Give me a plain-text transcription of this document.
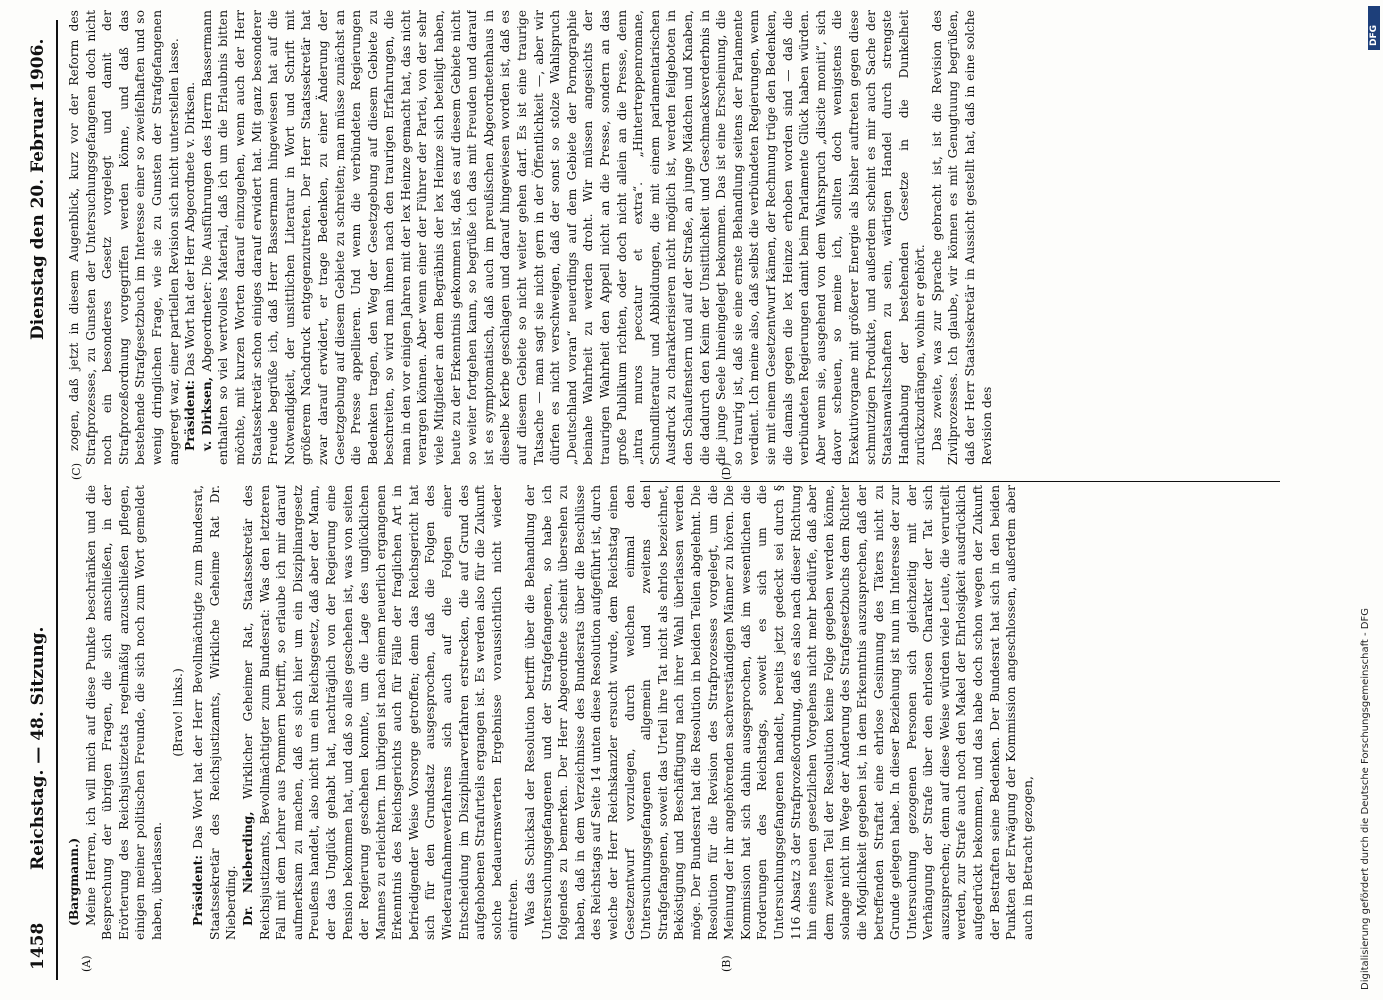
1458
Reichstag. — 48. Sitzung.
Dienstag den 20. Februar 1906.
(A)	(B)
(C)	(D)

(Bargmann.) Meine Herren, ich will mich auf diese Punkte beschränken und die Besprechung der übrigen Fragen, die sich anschließen, in der Erörterung des Reichsjustizetats regelmäßig anzuschließen pflegen, einigen meiner politischen Freunde, die sich noch zum Wort gemeldet haben, überlassen.

(Bravo! links.)

Präsident: Das Wort hat der Herr Bevollmächtigte zum Bundesrat, Staatssekretär des Reichsjustizamts, Wirkliche Geheime Rat Dr. Nieberding. Dr. Nieberding, Wirklicher Geheimer Rat, Staatssekretär des Reichsjustizamts, Bevollmächtigter zum Bundesrat: Was den letzteren Fall mit dem Lehrer aus Pommern betrifft, so erlaube ich mir darauf aufmerksam zu machen, daß es sich hier um ein Disziplinargesetz Preußens handelt, also nicht um ein Reichsgesetz, daß aber der Mann, der das Unglück gehabt hat, nachträglich von der Regierung eine Pension bekommen hat, und daß so alles geschehen ist, was von seiten der Regierung geschehen konnte, um die Lage des unglücklichen Mannes zu erleichtern. Im übrigen ist nach einem neuerlich ergangenen Erkenntnis des Reichsgerichts auch für Fälle der fraglichen Art in befriedigender Weise Vorsorge getroffen; denn das Reichsgericht hat sich für den Grundsatz ausgesprochen, daß die Folgen des Wiederaufnahmeverfahrens sich auch auf die Folgen einer Entscheidung im Disziplinarverfahren erstrecken, die auf Grund des aufgehobenen Strafurteils ergangen ist. Es werden also für die Zukunft solche bedauernswerten Ergebnisse voraussichtlich nicht wieder eintreten. Was das Schicksal der Resolution betrifft über die Behandlung der Untersuchungsgefangenen und der Strafgefangenen, so habe ich folgendes zu bemerken. Der Herr Abgeordnete scheint übersehen zu haben, daß in dem Verzeichnisse des Bundesrats über die Beschlüsse des Reichstags auf Seite 14 unten diese Resolution aufgeführt ist, durch welche der Herr Reichskanzler ersucht wurde, dem Reichstag einen Gesetzentwurf vorzulegen, durch welchen einmal den Untersuchungsgefangenen allgemein und zweitens den Strafgefangenen, soweit das Urteil ihre Tat nicht als ehrlos bezeichnet, Beköstigung und Beschäftigung nach ihrer Wahl überlassen werden möge. Der Bundesrat hat die Resolution in beiden Teilen abgelehnt. Die Resolution für die Revision des Strafprozesses vorgelegt, um die Meinung der ihr angehörenden sachverständigen Männer zu hören. Die Kommission hat sich dahin ausgesprochen, daß im wesentlichen die Forderungen des Reichstags, soweit es sich um die Untersuchungsgefangenen handelt, bereits jetzt gedeckt sei durch § 116 Absatz 3 der Strafprozeßordnung, daß es also nach dieser Richtung hin eines neuen gesetzlichen Vorgehens nicht mehr bedürfe, daß aber dem zweiten Teil der Resolution keine Folge gegeben werden könne, solange nicht im Wege der Änderung des Strafgesetzbuchs dem Richter die Möglichkeit gegeben ist, in dem Erkenntnis auszusprechen, daß der betreffenden Straftat eine ehrlose Gesinnung des Täters nicht zu Grunde gelegen habe. In dieser Beziehung ist nun im Interesse der zur Untersuchung gezogenen Personen sich gleichzeitig mit der Verhängung der Strafe über den ehrlosen Charakter der Tat sich auszusprechen; denn auf diese Weise würden viele Leute, die verurteilt werden, zur Strafe auch noch den Makel der Ehrlosigkeit ausdrücklich aufgedrückt bekommen, und das habe doch schon wegen der Zukunft der Bestraften seine Bedenken. Der Bundesrat hat sich in den beiden Punkten der Erwägung der Kommission angeschlossen, außerdem aber auch in Betracht gezogen,

zogen, daß jetzt in diesem Augenblick, kurz vor der Reform des Strafprozesses, zu Gunsten der Untersuchungsgefangenen doch nicht noch ein besonderes Gesetz vorgelegt und damit der Strafprozeßordnung vorgegriffen werden könne, und daß das bestehende Strafgesetzbuch im Interesse einer so zweifelhaften und so wenig dringlichen Frage, wie sie zu Gunsten der Strafgefangenen angeregt war, einer partiellen Revision sich nicht unterstellen lasse. Präsident: Das Wort hat der Herr Abgeordnete v. Dirksen.

v. Dirksen, Abgeordneter: Die Ausführungen des Herrn Bassermann enthalten so viel wertvolles Material, daß ich um die Erlaubnis bitten möchte, mit kurzen Worten darauf einzugehen, wenn auch der Herr Staatssekretär schon einiges darauf erwidert hat. Mit ganz besonderer Freude begrüße ich, daß Herr Bassermann hingewiesen hat auf die Notwendigkeit, der unsittlichen Literatur in Wort und Schrift mit größerem Nachdruck entgegenzutreten. Der Herr Staatssekretär hat zwar darauf erwidert, er trage Bedenken, zu einer Änderung der Gesetzgebung auf diesem Gebiete zu schreiten; man müsse zunächst an die Presse appellieren. Und wenn die verbündeten Regierungen Bedenken tragen, den Weg der Gesetzgebung auf diesem Gebiete zu beschreiten, so wird man ihnen nach den traurigen Erfahrungen, die man in den vor einigen Jahren mit der lex Heinze gemacht hat, das nicht verargen können. Aber wenn einer der Führer der Partei, von der sehr viele Mitglieder an dem Begräbnis der lex Heinze sich beteiligt haben, heute zu der Erkenntnis gekommen ist, daß es auf diesem Gebiete nicht so weiter fortgehen kann, so begrüße ich das mit Freuden und darauf ist es symptomatisch, daß auch im preußischen Abgeordnetenhaus in dieselbe Kerbe geschlagen und darauf hingewiesen worden ist, daß es auf diesem Gebiete so nicht weiter gehen darf. Es ist eine traurige Tatsache — man sagt sie nicht gern in der Öffentlichkeit —, aber wir dürfen es nicht verschweigen, daß der sonst so stolze Wahlspruch „Deutschland voran“ neuerdings auf dem Gebiete der Pornographie beinahe Wahrheit zu werden droht. Wir müssen angesichts der traurigen Wahrheit den Appell nicht an die Presse, sondern an das große Publikum richten, oder doch nicht allein an die Presse, denn „intra muros peccatur et extra“. „Hintertreppenromane, Schundliteratur und Abbildungen, die mit einem parlamentarischen Ausdruck zu charakterisieren nicht möglich ist, werden feilgeboten in den Schaufenstern und auf der Straße, an junge Mädchen und Knaben, die dadurch den Keim der Unsittlichkeit und Geschmacksverderbnis in die junge Seele hineingelegt bekommen. Das ist eine Erscheinung, die so traurig ist, daß sie eine ernste Behandlung seitens der Parlamente verdient. Ich meine also, daß selbst die verbündeten Regierungen, wenn sie mit einem Gesetzentwurf kämen, der Rechnung trüge den Bedenken, die damals gegen die lex Heinze erhoben worden sind — daß die verbündeten Regierungen damit beim Parlamente Glück haben würden. Aber wenn sie, ausgehend von dem Wahrspruch „discite moniti“, sich davor scheuen, so meine ich, sollten doch wenigstens die Exekutivorgane mit größerer Energie als bisher auftreten gegen diese schmutzigen Produkte, und außerdem scheint es mir auch Sache der Staatsanwaltschaften zu sein, wärtigen Handel durch strengste Handhabung der bestehenden Gesetze in die Dunkelheit zurückzudrängen, wohin er gehört. Das zweite, was zur Sprache gebracht ist, ist die Revision des Zivilprozesses. Ich glaube, wir können es mit Genugtuung begrüßen, daß der Herr Staatssekretär in Aussicht gestellt hat, daß in eine solche Revision des

DFG
Digitalisierung gefördert durch die Deutsche Forschungsgemeinschaft - DFG
